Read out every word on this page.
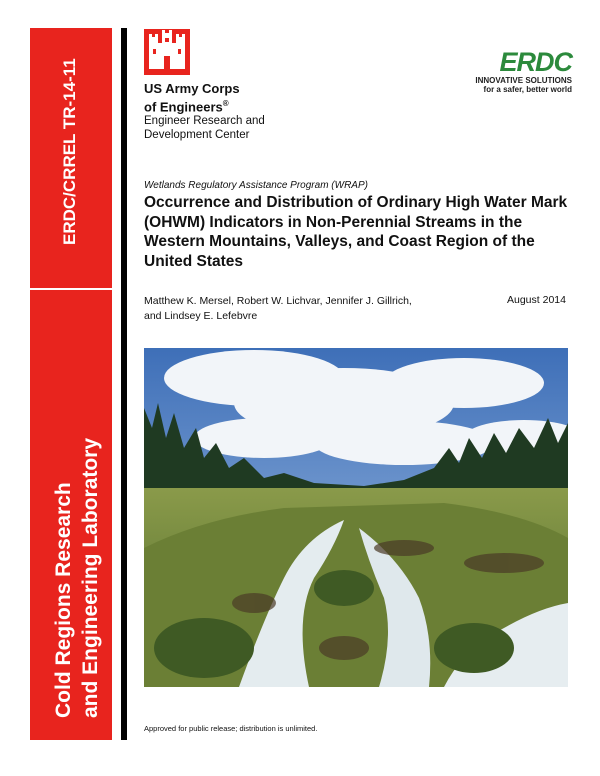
ERDC/CRREL TR-14-11
Cold Regions Research and Engineering Laboratory
US Army Corps
of Engineers®
Engineer Research and
Development Center
ERDC
INNOVATIVE SOLUTIONS
for a safer, better world
Wetlands Regulatory Assistance Program (WRAP)
Occurrence and Distribution of Ordinary High Water Mark (OHWM) Indicators in Non-Perennial Streams in the Western Mountains, Valleys, and Coast Region of the United States
Matthew K. Mersel, Robert W. Lichvar, Jennifer J. Gillrich,
and Lindsey E. Lefebvre
August 2014
Approved for public release; distribution is unlimited.
